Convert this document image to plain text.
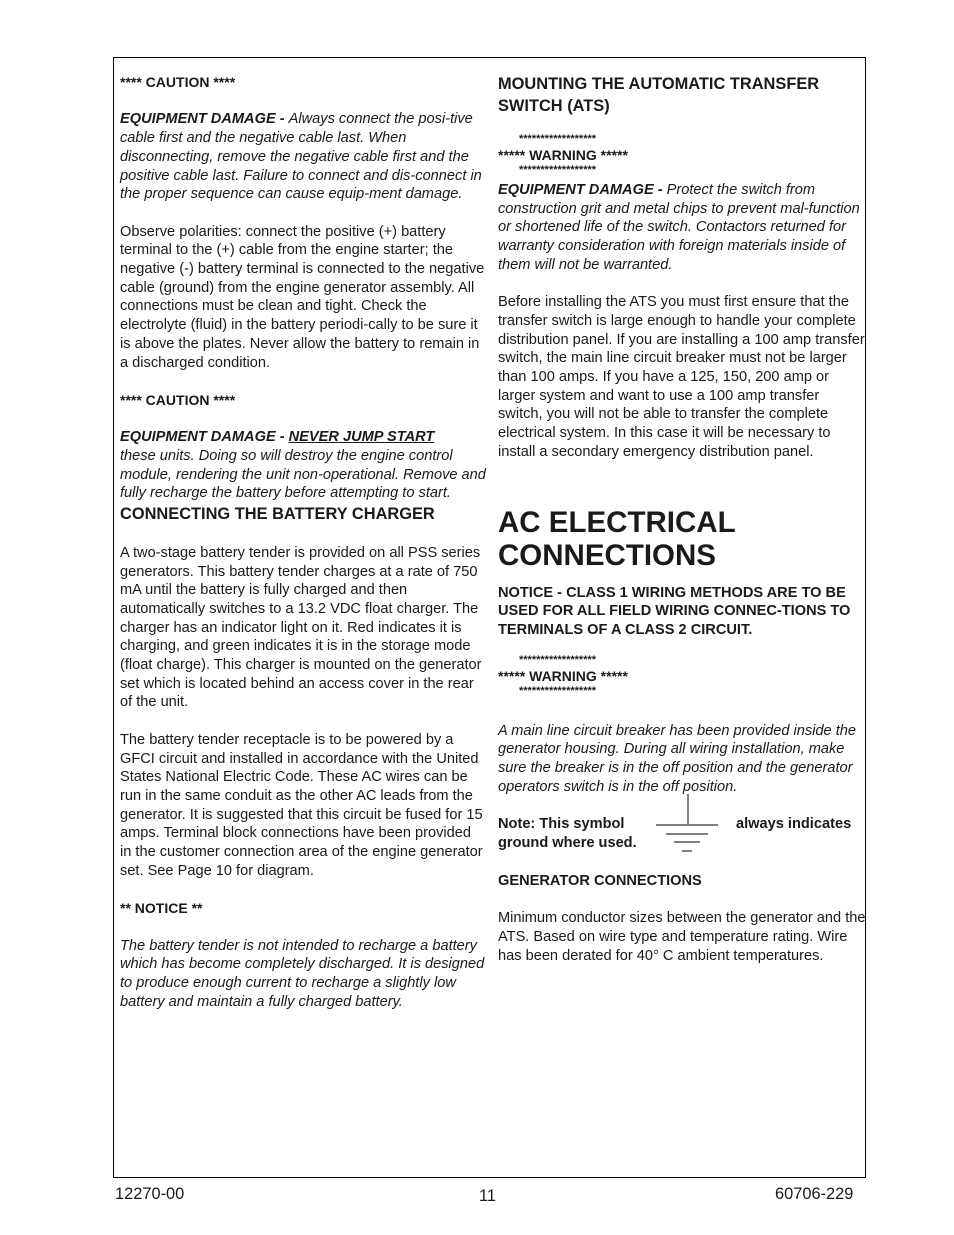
**** CAUTION ****

EQUIPMENT DAMAGE - Always connect the posi-tive cable first and the negative cable last. When disconnecting, remove the negative cable first and the positive cable last. Failure to connect and dis-connect in the proper sequence can cause equip-ment damage.

Observe polarities: connect the positive (+) battery terminal to the (+) cable from the engine starter; the negative (-) battery terminal is connected to the negative cable (ground) from the engine generator assembly. All connections must be clean and tight. Check the electrolyte (fluid) in the battery periodi-cally to be sure it is above the plates. Never allow the battery to remain in a discharged condition.

**** CAUTION ****

EQUIPMENT DAMAGE - NEVER JUMP START
these units. Doing so will destroy the engine control module, rendering the unit non-operational. Remove and fully recharge the battery before attempting to start.

CONNECTING THE BATTERY CHARGER

A two-stage battery tender is provided on all PSS series generators. This battery tender charges at a rate of 750 mA until the battery is fully charged and then automatically switches to a 13.2 VDC float charger. The charger has an indicator light on it. Red indicates it is charging, and green indicates it is in the storage mode (float charge). This charger is mounted on the generator set which is located behind an access cover in the rear of the unit.

The battery tender receptacle is to be powered by a GFCI circuit and installed in accordance with the United States National Electric Code. These AC wires can be run in the same conduit as the other AC leads from the generator. It is suggested that this circuit be fused for 15 amps. Terminal block connections have been provided in the customer connection area of the engine generator set. See Page 10 for diagram.

** NOTICE **

The battery tender is not intended to recharge a battery which has become completely discharged. It is designed to produce enough current to recharge a slightly low battery and maintain a fully charged battery.

MOUNTING THE AUTOMATIC TRANSFER SWITCH (ATS)

******************

***** WARNING *****

******************

EQUIPMENT DAMAGE - Protect the switch from construction grit and metal chips to prevent mal-function or shortened life of the switch. Contactors returned for warranty consideration with foreign materials inside of them will not be warranted.

Before installing the ATS you must first ensure that the transfer switch is large enough to handle your complete distribution panel. If you are installing a 100 amp transfer switch, the main line circuit breaker must not be larger than 100 amps. If you have a 125, 150, 200 amp or larger system and want to use a 100 amp transfer switch, you will not be able to transfer the complete electrical system. In this case it will be necessary to install a secondary emergency distribution panel.

AC ELECTRICAL CONNECTIONS

NOTICE - CLASS 1 WIRING METHODS ARE TO BE USED FOR ALL FIELD WIRING CONNEC-TIONS TO TERMINALS OF A CLASS 2 CIRCUIT.

******************

***** WARNING *****

******************

A main line circuit breaker has been provided inside the generator housing. During all wiring installation, make sure the breaker is in the off position and the generator operators switch is in the off position.

Note: This symbol	always indicates
ground where used.

GENERATOR CONNECTIONS

Minimum conductor sizes between the generator and the ATS. Based on wire type and temperature rating. Wire has been derated for 40° C ambient temperatures.

12270-00	11	60706-229
